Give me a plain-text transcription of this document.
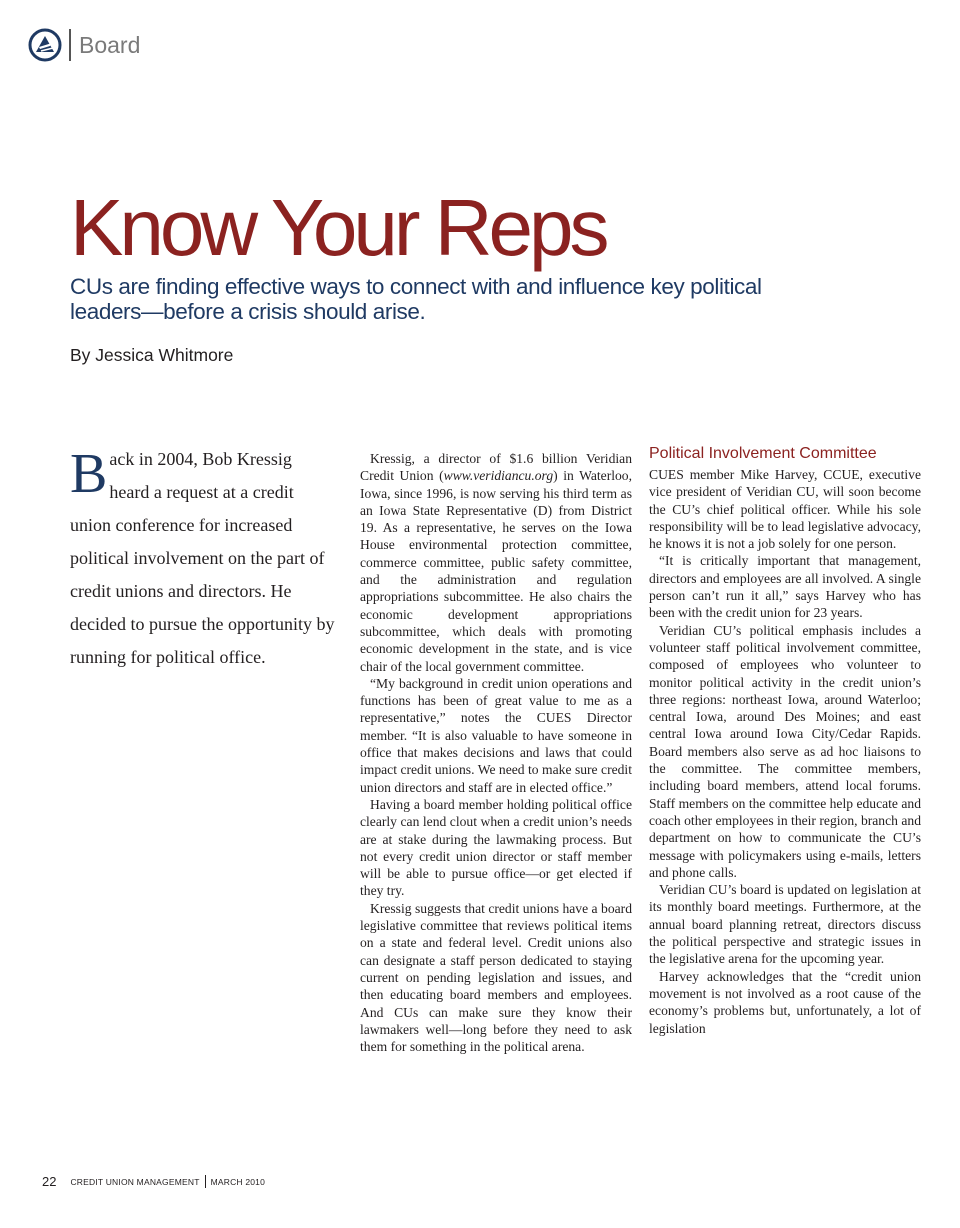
Board
Know Your Reps

CUs are finding effective ways to connect with and influence key political leaders—before a crisis should arise.

By Jessica Whitmore
Back in 2004, Bob Kressig heard a request at a credit union conference for increased political involvement on the part of credit unions and directors. He decided to pursue the opportunity by running for political office.

Kressig, a director of $1.6 billion Veridian Credit Union (www.veridiancu.org) in Waterloo, Iowa, since 1996, is now serving his third term as an Iowa State Representative (D) from District 19. As a representative, he serves on the Iowa House environmental protection committee, commerce committee, public safety committee, and the administration and regulation appropriations subcommittee. He also chairs the economic development appropriations subcommittee, which deals with promoting economic development in the state, and is vice chair of the local government committee.

“My background in credit union operations and functions has been of great value to me as a representative,” notes the CUES Director member. “It is also valuable to have someone in office that makes decisions and laws that could impact credit unions. We need to make sure credit union directors and staff are in elected office.”

Having a board member holding political office clearly can lend clout when a credit union’s needs are at stake during the lawmaking process. But not every credit union director or staff member will be able to pursue office—or get elected if they try.

Kressig suggests that credit unions have a board legislative committee that reviews political items on a state and federal level. Credit unions also can designate a staff person dedicated to staying current on pending legislation and issues, and then educating board members and employees. And CUs can make sure they know their lawmakers well—long before they need to ask them for something in the political arena.

Political Involvement Committee

CUES member Mike Harvey, CCUE, executive vice president of Veridian CU, will soon become the CU’s chief political officer. While his sole responsibility will be to lead legislative advocacy, he knows it is not a job solely for one person.

“It is critically important that management, directors and employees are all involved. A single person can’t run it all,” says Harvey who has been with the credit union for 23 years.

Veridian CU’s political emphasis includes a volunteer staff political involvement committee, composed of employees who volunteer to monitor political activity in the credit union’s three regions: northeast Iowa, around Waterloo; central Iowa, around Des Moines; and east central Iowa around Iowa City/Cedar Rapids. Board members also serve as ad hoc liaisons to the committee. The committee members, including board members, attend local forums. Staff members on the committee help educate and coach other employees in their region, branch and department on how to communicate the CU’s message with policymakers using e-mails, letters and phone calls.

Veridian CU’s board is updated on legislation at its monthly board meetings. Furthermore, at the annual board planning retreat, directors discuss the political perspective and strategic issues in the legislative arena for the upcoming year.

Harvey acknowledges that the “credit union movement is not involved as a root cause of the economy’s problems but, unfortunately, a lot of legislation

22 CREDIT UNION MANAGEMENT MARCH 2010
